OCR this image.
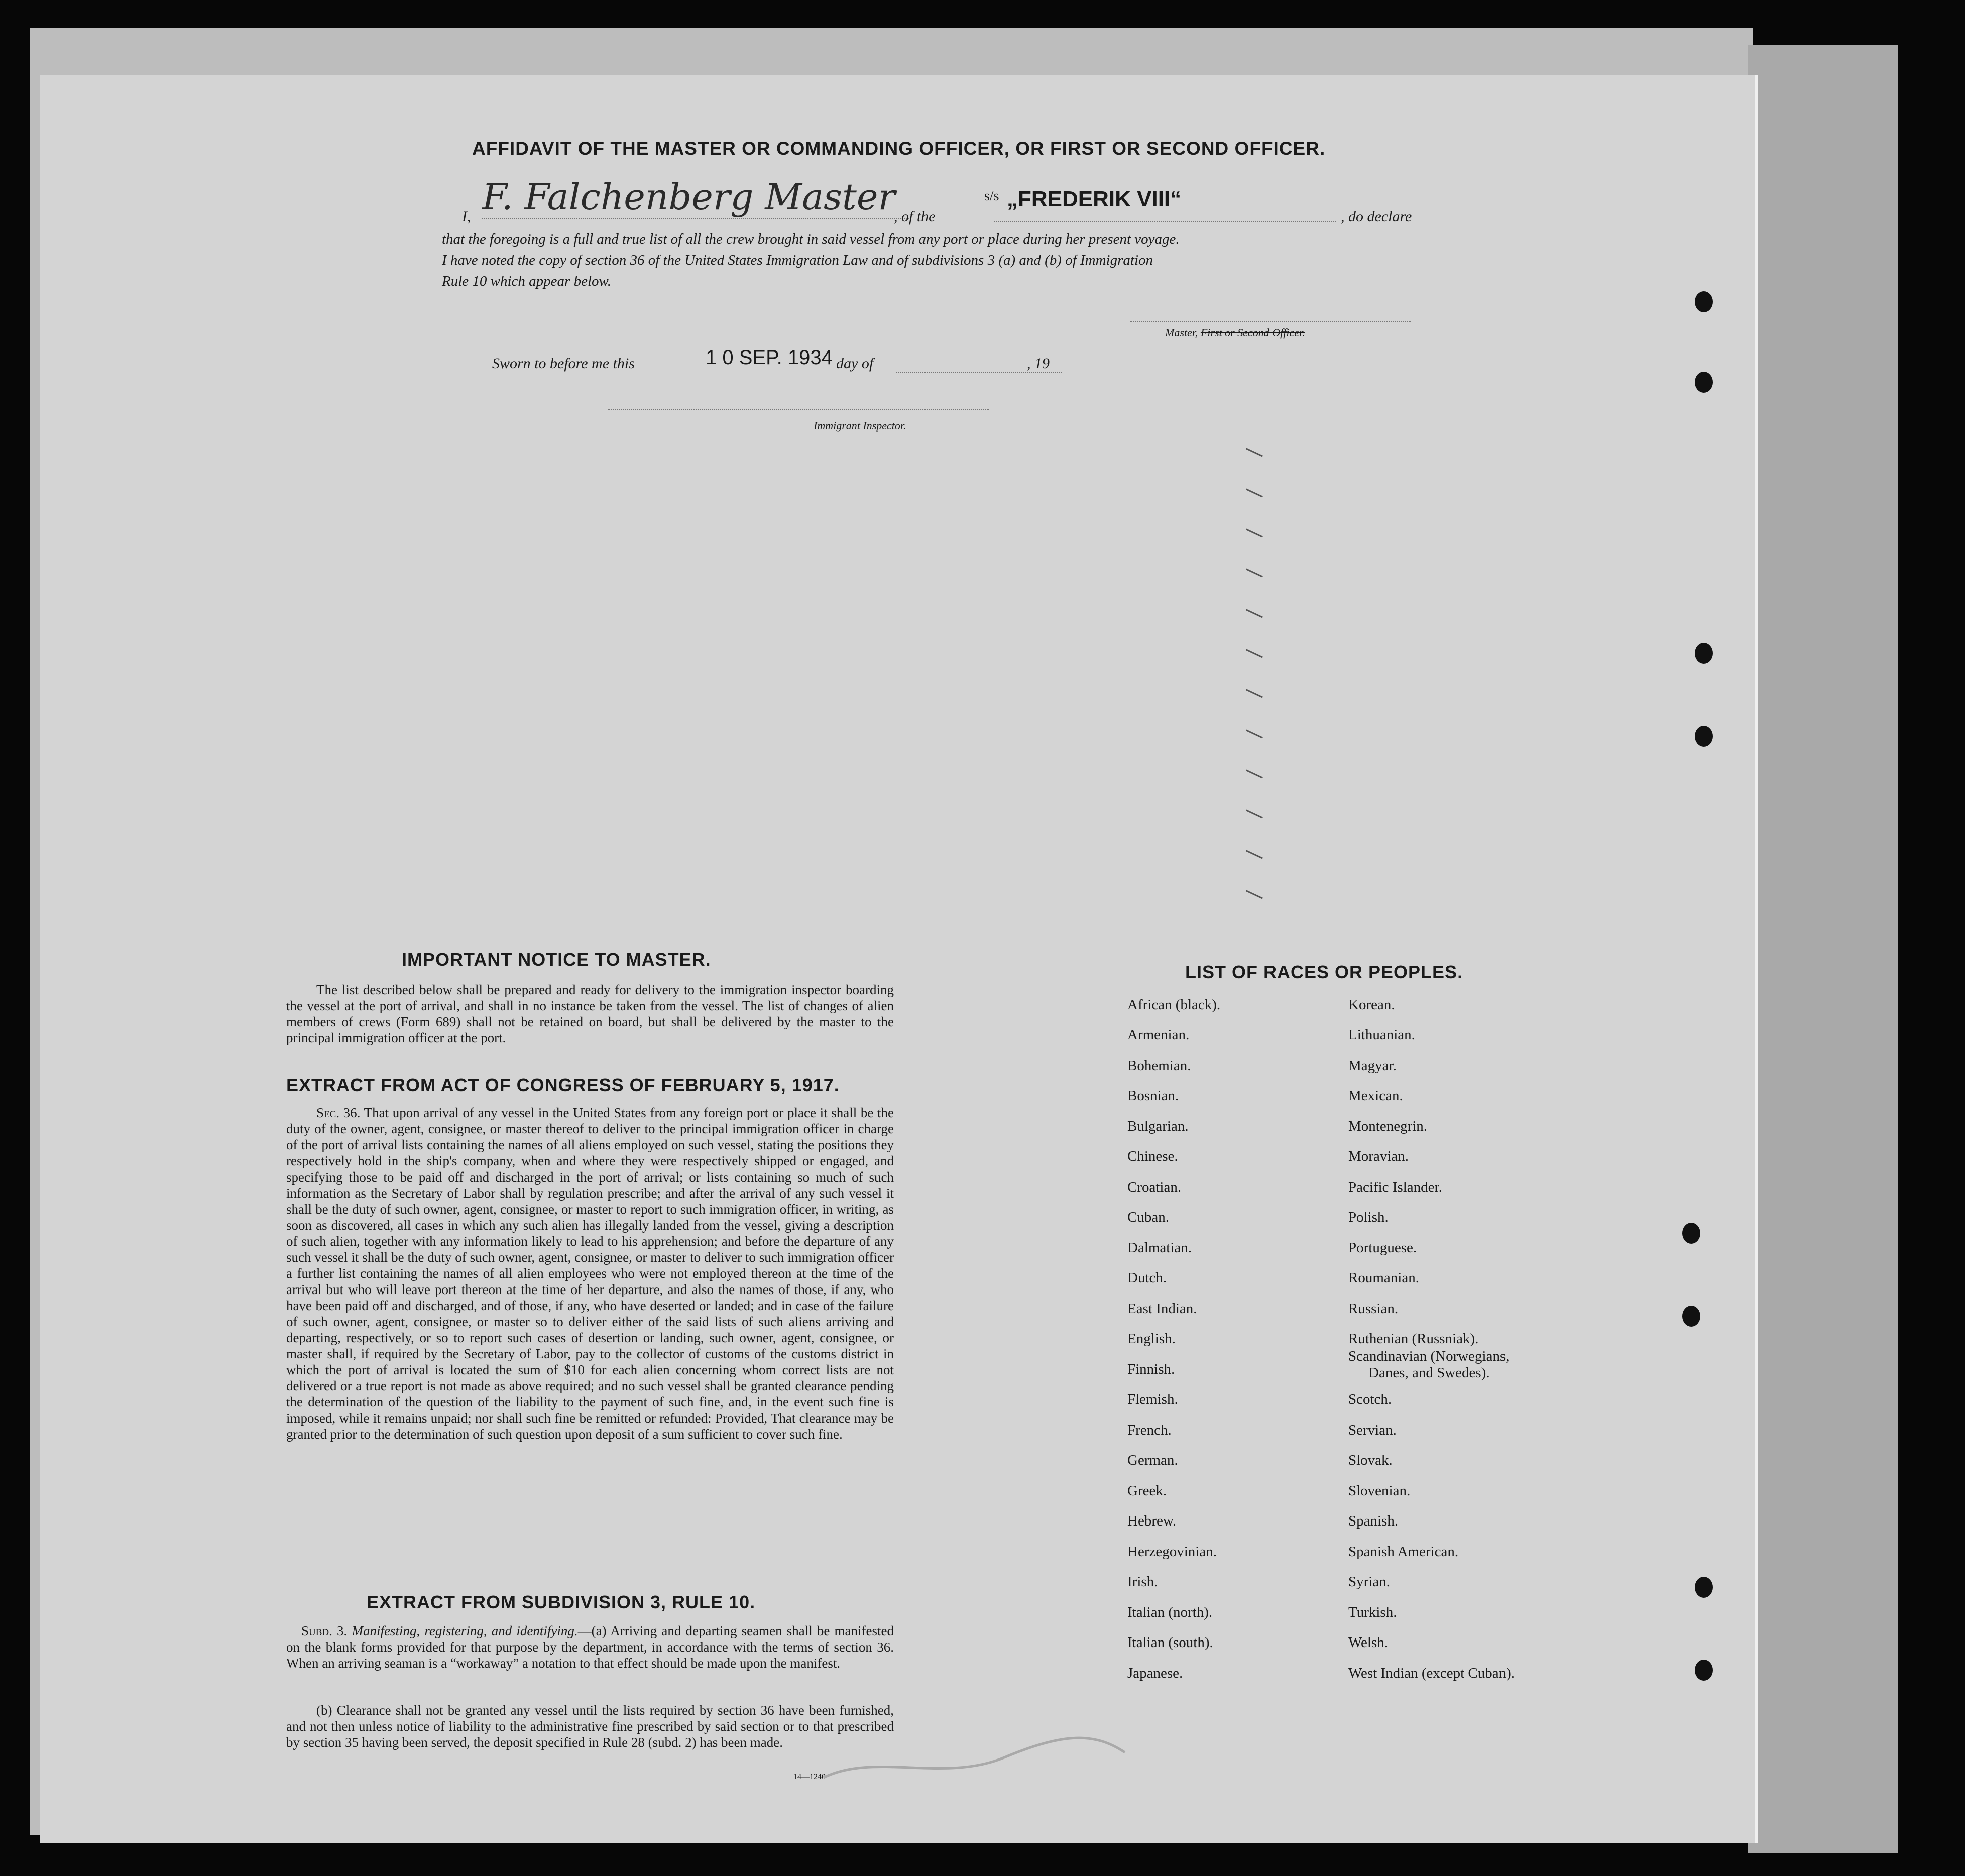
AFFIDAVIT OF THE MASTER OR COMMANDING OFFICER, OR FIRST OR SECOND OFFICER.
I, F. Falchenberg Master
, of the
s/s „FREDERIK VIII“
, do declare
that the foregoing is a full and true list of all the crew brought in said vessel from any port or place during her present voyage.
I have noted the copy of section 36 of the United States Immigration Law and of subdivisions 3 (a) and (b) of Immigration
Rule 10 which appear below.
Master, First or Second Officer.
Sworn to before me this	1 0 SEP. 1934 day of	, 19
Immigrant Inspector.
IMPORTANT NOTICE TO MASTER.
The list described below shall be prepared and ready for delivery to the immigration inspector boarding the vessel at the port of arrival, and shall in no instance be taken from the vessel. The list of changes of alien members of crews (Form 689) shall not be retained on board, but shall be delivered by the master to the principal immigration officer at the port.
EXTRACT FROM ACT OF CONGRESS OF FEBRUARY 5, 1917.
Sec. 36. That upon arrival of any vessel in the United States from any foreign port or place it shall be the duty of the owner, agent, consignee, or master thereof to deliver to the principal immigration officer in charge of the port of arrival lists containing the names of all aliens employed on such vessel, stating the positions they respectively hold in the ship's company, when and where they were respectively shipped or engaged, and specifying those to be paid off and discharged in the port of arrival; or lists containing so much of such information as the Secretary of Labor shall by regulation prescribe; and after the arrival of any such vessel it shall be the duty of such owner, agent, consignee, or master to report to such immigration officer, in writing, as soon as discovered, all cases in which any such alien has illegally landed from the vessel, giving a description of such alien, together with any information likely to lead to his apprehension; and before the departure of any such vessel it shall be the duty of such owner, agent, consignee, or master to deliver to such immigration officer a further list containing the names of all alien employees who were not employed thereon at the time of the arrival but who will leave port thereon at the time of her departure, and also the names of those, if any, who have been paid off and discharged, and of those, if any, who have deserted or landed; and in case of the failure of such owner, agent, consignee, or master so to deliver either of the said lists of such aliens arriving and departing, respectively, or so to report such cases of desertion or landing, such owner, agent, consignee, or master shall, if required by the Secretary of Labor, pay to the collector of customs of the customs district in which the port of arrival is located the sum of $10 for each alien concerning whom correct lists are not delivered or a true report is not made as above required; and no such vessel shall be granted clearance pending the determination of the question of the liability to the payment of such fine, and, in the event such fine is imposed, while it remains unpaid; nor shall such fine be remitted or refunded: Provided, That clearance may be granted prior to the determination of such question upon deposit of a sum sufficient to cover such fine.
EXTRACT FROM SUBDIVISION 3, RULE 10.
Subd. 3. Manifesting, registering, and identifying.—(a) Arriving and departing seamen shall be manifested on the blank forms provided for that purpose by the department, in accordance with the terms of section 36. When an arriving seaman is a “workaway” a notation to that effect should be made upon the manifest.
(b) Clearance shall not be granted any vessel until the lists required by section 36 have been furnished, and not then unless notice of liability to the administrative fine prescribed by said section or to that prescribed by section 35 having been served, the deposit specified in Rule 28 (subd. 2) has been made.
14—1240
LIST OF RACES OR PEOPLES.
African (black).
Armenian.
Bohemian.
Bosnian.
Bulgarian.
Chinese.
Croatian.
Cuban.
Dalmatian.
Dutch.
East Indian.
English.
Finnish.
Flemish.
French.
German.
Greek.
Hebrew.
Herzegovinian.
Irish.
Italian (north).
Italian (south).
Japanese.
Korean.
Lithuanian.
Magyar.
Mexican.
Montenegrin.
Moravian.
Pacific Islander.
Polish.
Portuguese.
Roumanian.
Russian.
Ruthenian (Russniak).
Scandinavian (Norwegians,
Danes, and Swedes).
Scotch.
Servian.
Slovak.
Slovenian.
Spanish.
Spanish American.
Syrian.
Turkish.
Welsh.
West Indian (except Cuban).
